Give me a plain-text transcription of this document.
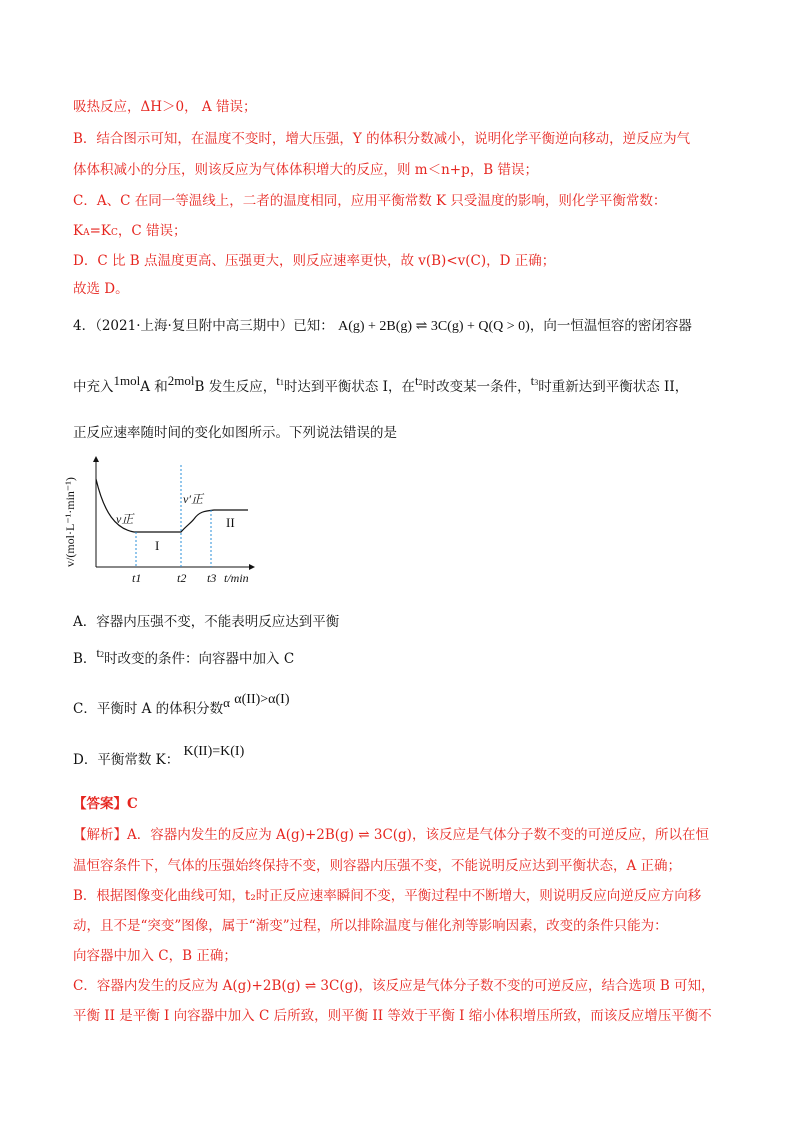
吸热反应，ΔH＞0， A 错误；
B．结合图示可知，在温度不变时，增大压强，Y 的体积分数减小，说明化学平衡逆向移动，逆反应为气
体体积减小的分压，则该反应为气体体积增大的反应，则 m＜n+p，B 错误；
C．A、C 在同一等温线上，二者的温度相同，应用平衡常数 K 只受温度的影响，则化学平衡常数：
KA=KC，C 错误；
D．C 比 B 点温度更高、压强更大，则反应速率更快，故 v(B)<v(C)，D 正确；
故选 D。
4．（2021·上海·复旦附中高三期中）已知： A(g) + 2B(g) ⇌ 3C(g) + Q(Q > 0)，向一恒温恒容的密闭容器
中充入1molA 和2molB 发生反应，t1时达到平衡状态 I，在t2时改变某一条件，t3时重新达到平衡状态 II，
正反应速率随时间的变化如图所示。下列说法错误的是
v/(mol·L⁻¹·min⁻¹)	v正
v′正
I
II
t1	t2 t3 t/min
A．容器内压强不变，不能表明反应达到平衡
B．t2时改变的条件：向容器中加入 C
C．平衡时 A 的体积分数α α(II)>α(I)
D．平衡常数 K： K(II)=K(I)
【答案】C
【解析】A．容器内发生的反应为 A(g)+2B(g) ⇌ 3C(g)，该反应是气体分子数不变的可逆反应，所以在恒
温恒容条件下，气体的压强始终保持不变，则容器内压强不变，不能说明反应达到平衡状态，A 正确；
B．根据图像变化曲线可知，t₂时正反应速率瞬间不变，平衡过程中不断增大，则说明反应向逆反应方向移
动，且不是“突变”图像，属于“渐变”过程，所以排除温度与催化剂等影响因素，改变的条件只能为：
向容器中加入 C，B 正确；
C．容器内发生的反应为 A(g)+2B(g) ⇌ 3C(g)，该反应是气体分子数不变的可逆反应，结合选项 B 可知，
平衡 II 是平衡 I 向容器中加入 C 后所致，则平衡 II 等效于平衡 I 缩小体积增压所致，而该反应增压平衡不
